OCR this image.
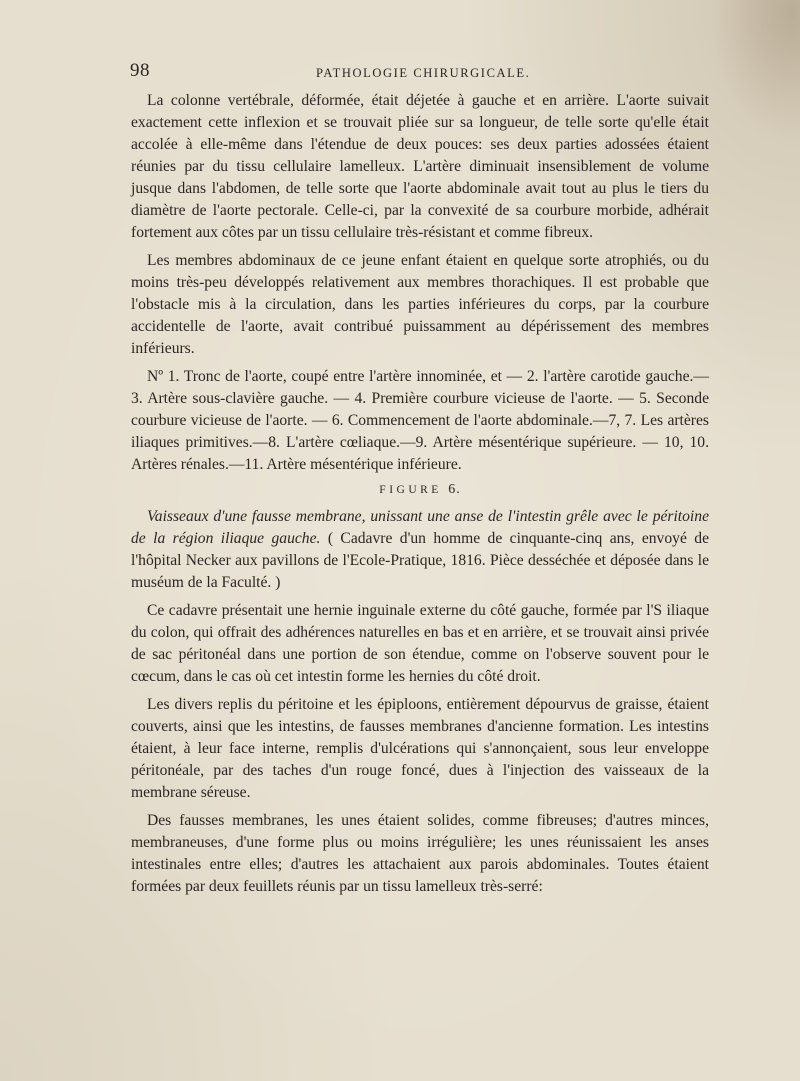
98	PATHOLOGIE CHIRURGICALE.

La colonne vertébrale, déformée, était déjetée à gauche et en arrière. L'aorte suivait exactement cette inflexion et se trouvait pliée sur sa longueur, de telle sorte qu'elle était accolée à elle-même dans l'étendue de deux pouces: ses deux parties adossées étaient réunies par du tissu cellulaire lamelleux. L'artère diminuait insensiblement de volume jusque dans l'abdomen, de telle sorte que l'aorte abdominale avait tout au plus le tiers du diamètre de l'aorte pectorale. Celle-ci, par la convexité de sa courbure morbide, adhérait fortement aux côtes par un tissu cellulaire très-résistant et comme fibreux.

Les membres abdominaux de ce jeune enfant étaient en quelque sorte atrophiés, ou du moins très-peu développés relativement aux membres thorachiques. Il est probable que l'obstacle mis à la circulation, dans les parties inférieures du corps, par la courbure accidentelle de l'aorte, avait contribué puissamment au dépérissement des membres inférieurs.

Nº 1. Tronc de l'aorte, coupé entre l'artère innominée, et — 2. l'artère carotide gauche.—3. Artère sous-clavière gauche. — 4. Première courbure vicieuse de l'aorte. — 5. Seconde courbure vicieuse de l'aorte. — 6. Commencement de l'aorte abdominale.—7, 7. Les artères iliaques primitives.—8. L'artère cœliaque.—9. Artère mésentérique supérieure. — 10, 10. Artères rénales.—11. Artère mésentérique inférieure.

FIGURE 6.

Vaisseaux d'une fausse membrane, unissant une anse de l'intestin grêle avec le péritoine de la région iliaque gauche. ( Cadavre d'un homme de cinquante-cinq ans, envoyé de l'hôpital Necker aux pavillons de l'Ecole-Pratique, 1816. Pièce desséchée et déposée dans le muséum de la Faculté. )

Ce cadavre présentait une hernie inguinale externe du côté gauche, formée par l'S iliaque du colon, qui offrait des adhérences naturelles en bas et en arrière, et se trouvait ainsi privée de sac péritonéal dans une portion de son étendue, comme on l'observe souvent pour le cœcum, dans le cas où cet intestin forme les hernies du côté droit.

Les divers replis du péritoine et les épiploons, entièrement dépourvus de graisse, étaient couverts, ainsi que les intestins, de fausses membranes d'ancienne formation. Les intestins étaient, à leur face interne, remplis d'ulcérations qui s'annonçaient, sous leur enveloppe péritonéale, par des taches d'un rouge foncé, dues à l'injection des vaisseaux de la membrane séreuse.

Des fausses membranes, les unes étaient solides, comme fibreuses; d'autres minces, membraneuses, d'une forme plus ou moins irrégulière; les unes réunissaient les anses intestinales entre elles; d'autres les attachaient aux parois abdominales. Toutes étaient formées par deux feuillets réunis par un tissu lamelleux très-serré:
